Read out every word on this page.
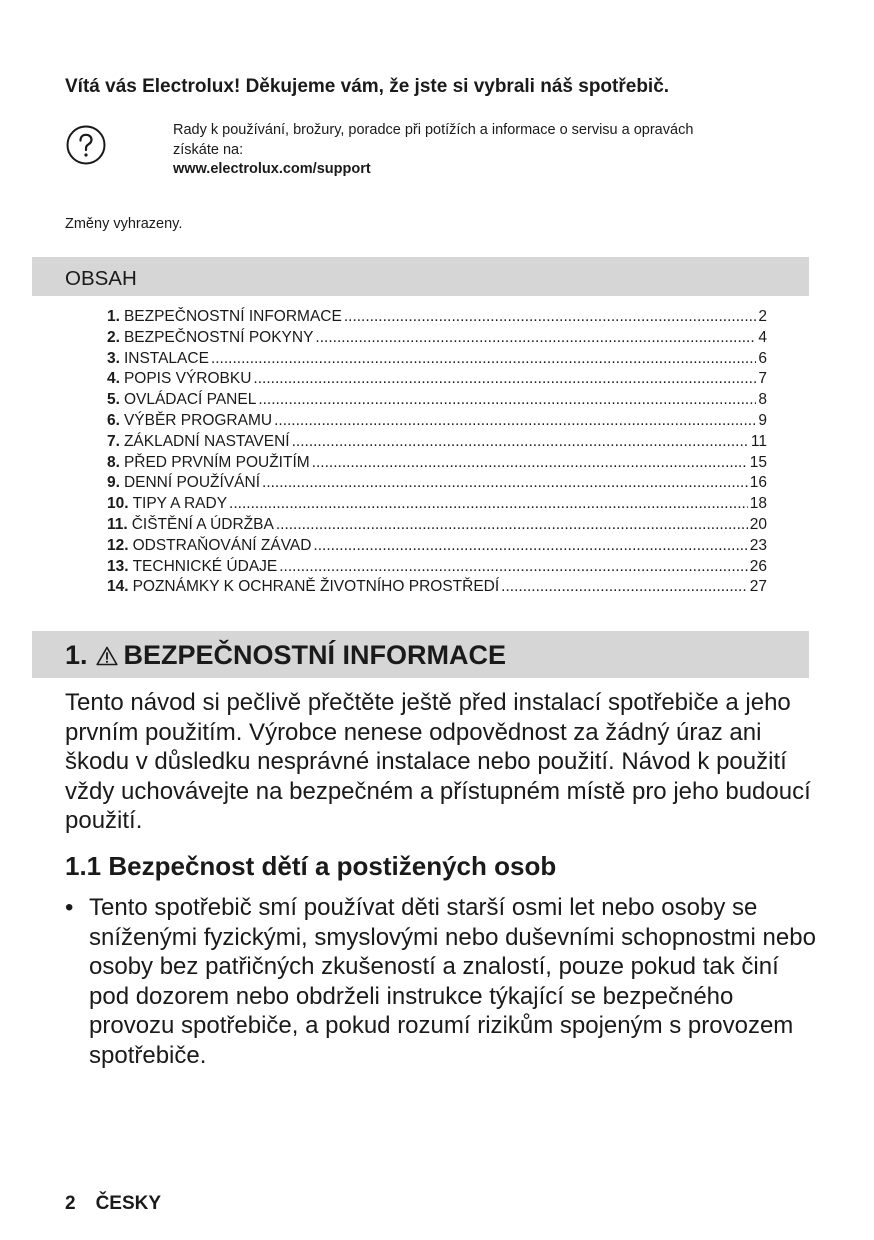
Vítá vás Electrolux! Děkujeme vám, že jste si vybrali náš spotřebič.
Rady k používání, brožury, poradce při potížích a informace o servisu a opravách
získáte na:
www.electrolux.com/support
Změny vyhrazeny.
OBSAH
1. BEZPEČNOSTNÍ INFORMACE .....	2
2. BEZPEČNOSTNÍ POKYNY .....	4
3. INSTALACE .....	6
4. POPIS VÝROBKU .....	7
5. OVLÁDACÍ PANEL .....	8
6. VÝBĚR PROGRAMU .....	9
7. ZÁKLADNÍ NASTAVENÍ .....	11
8. PŘED PRVNÍM POUŽITÍM .....	15
9. DENNÍ POUŽÍVÁNÍ .....	16
10. TIPY A RADY .....	18
11. ČIŠTĚNÍ A ÚDRŽBA .....	20
12. ODSTRAŇOVÁNÍ ZÁVAD .....	23
13. TECHNICKÉ ÚDAJE .....	26
14. POZNÁMKY K OCHRANĚ ŽIVOTNÍHO PROSTŘEDÍ .....	27
1. BEZPEČNOSTNÍ INFORMACE

Tento návod si pečlivě přečtěte ještě před instalací spotřebiče a jeho prvním použitím. Výrobce nenese odpovědnost za žádný úraz ani škodu v důsledku nesprávné instalace nebo použití. Návod k použití vždy uchovávejte na bezpečném a přístupném místě pro jeho budoucí použití.

1.1 Bezpečnost dětí a postižených osob
• Tento spotřebič smí používat děti starší osmi let nebo osoby se sníženými fyzickými, smyslovými nebo duševními schopnostmi nebo osoby bez patřičných zkušeností a znalostí, pouze pokud tak činí pod dozorem nebo obdrželi instrukce týkající se bezpečného provozu spotřebiče, a pokud rozumí rizikům spojeným s provozem spotřebiče.
2 ČESKY
